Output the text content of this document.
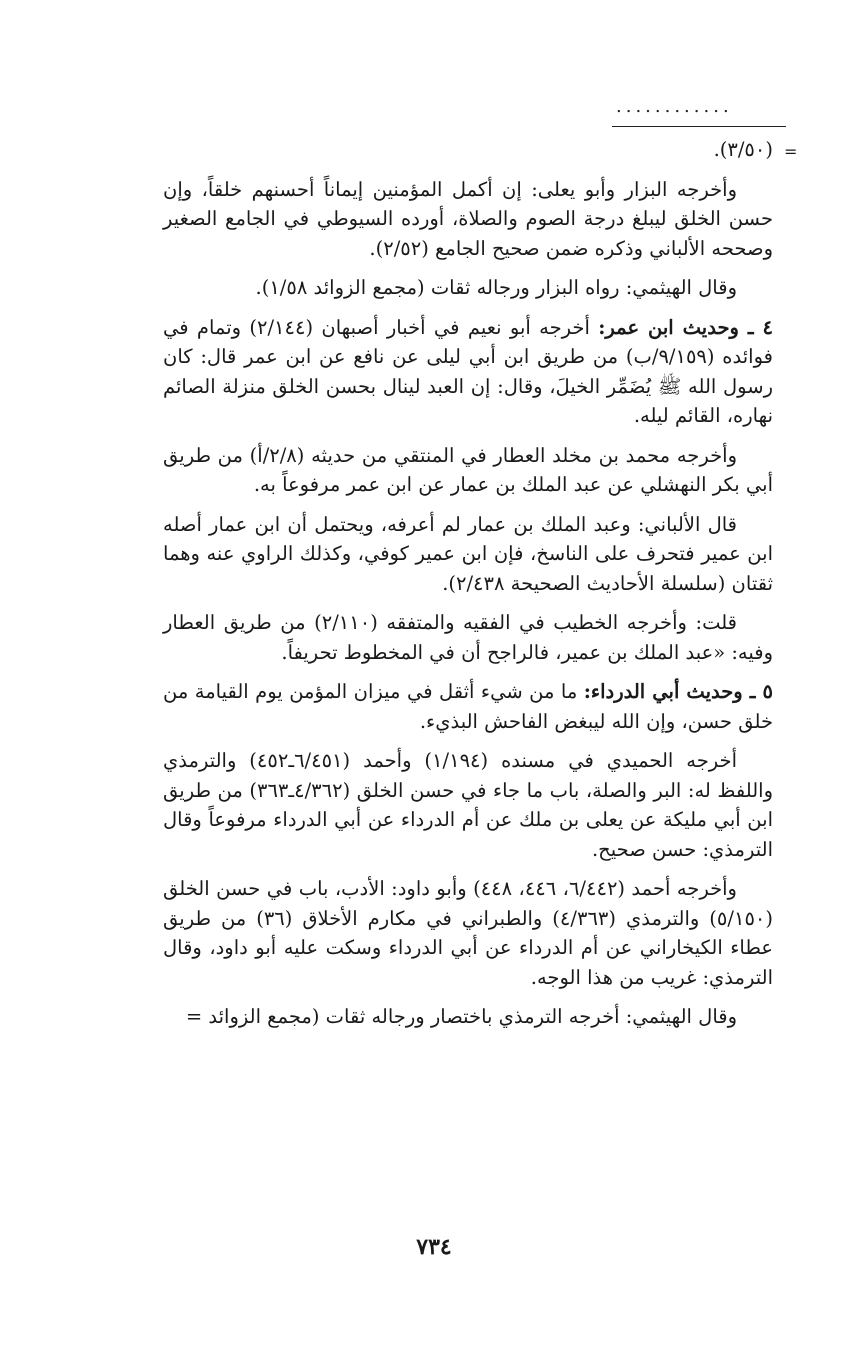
............
=

(٣/٥٠).

وأخرجه البزار وأبو يعلى: إن أكمل المؤمنين إيماناً أحسنهم خلقاً، وإن حسن الخلق ليبلغ درجة الصوم والصلاة، أورده السيوطي في الجامع الصغير وصححه الألباني وذكره ضمن صحيح الجامع (٢/٥٢).

وقال الهيثمي: رواه البزار ورجاله ثقات (مجمع الزوائد ١/٥٨).

٤ ـ وحديث ابن عمر: أخرجه أبو نعيم في أخبار أصبهان (٢/١٤٤) وتمام في فوائده (٩/١٥٩/ب) من طريق ابن أبي ليلى عن نافع عن ابن عمر قال: كان رسول الله ﷺ يُضَمِّر الخيلَ، وقال: إن العبد لينال بحسن الخلق منزلة الصائم نهاره، القائم ليله.

وأخرجه محمد بن مخلد العطار في المنتقي من حديثه (٢/٨/أ) من طريق أبي بكر النهشلي عن عبد الملك بن عمار عن ابن عمر مرفوعاً به.

قال الألباني: وعبد الملك بن عمار لم أعرفه، ويحتمل أن ابن عمار أصله ابن عمير فتحرف على الناسخ، فإن ابن عمير كوفي، وكذلك الراوي عنه وهما ثقتان (سلسلة الأحاديث الصحيحة ٢/٤٣٨).

قلت: وأخرجه الخطيب في الفقيه والمتفقه (٢/١١٠) من طريق العطار وفيه: «عبد الملك بن عمير، فالراجح أن في المخطوط تحريفاً.

٥ ـ وحديث أبي الدرداء: ما من شيء أثقل في ميزان المؤمن يوم القيامة من خلق حسن، وإن الله ليبغض الفاحش البذيء.

أخرجه الحميدي في مسنده (١/١٩٤) وأحمد (٦/٤٥١ـ٤٥٢) والترمذي واللفظ له: البر والصلة، باب ما جاء في حسن الخلق (٤/٣٦٢ـ٣٦٣) من طريق ابن أبي مليكة عن يعلى بن ملك عن أم الدرداء عن أبي الدرداء مرفوعاً وقال الترمذي: حسن صحيح.

وأخرجه أحمد (٦/٤٤٢، ٤٤٦، ٤٤٨) وأبو داود: الأدب، باب في حسن الخلق (٥/١٥٠) والترمذي (٤/٣٦٣) والطبراني في مكارم الأخلاق (٣٦) من طريق عطاء الكيخاراني عن أم الدرداء عن أبي الدرداء وسكت عليه أبو داود، وقال الترمذي: غريب من هذا الوجه.

وقال الهيثمي: أخرجه الترمذي باختصار ورجاله ثقات (مجمع الزوائد =

٧٣٤
